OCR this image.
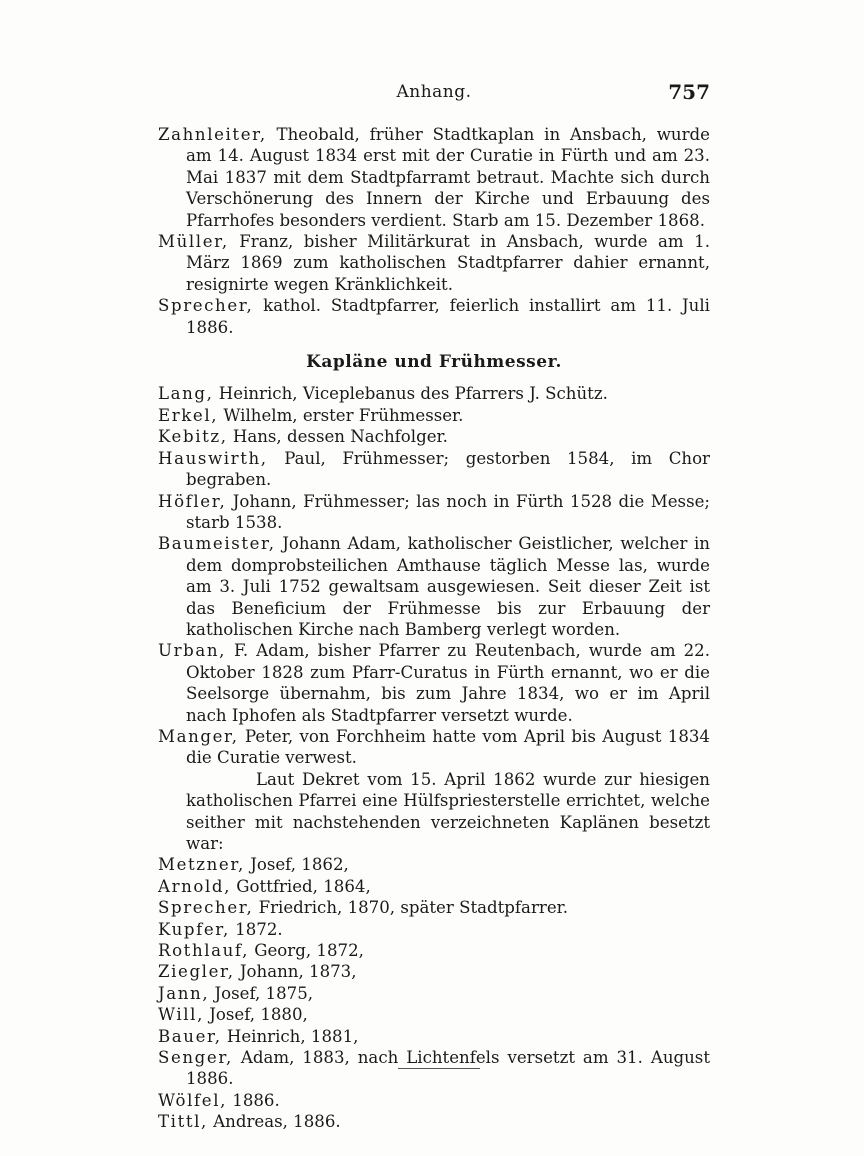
Anhang.	757
Zahnleiter, Theobald, früher Stadtkaplan in Ansbach, wurde am 14. August 1834 erst mit der Curatie in Fürth und am 23. Mai 1837 mit dem Stadtpfarramt betraut. Machte sich durch Verschönerung des Innern der Kirche und Erbauung des Pfarrhofes besonders verdient. Starb am 15. Dezember 1868.
Müller, Franz, bisher Militärkurat in Ansbach, wurde am 1. März 1869 zum katholischen Stadtpfarrer dahier ernannt, resignirte wegen Kränklichkeit.
Sprecher, kathol. Stadtpfarrer, feierlich installirt am 11. Juli 1886.
Kapläne und Frühmesser.
Lang, Heinrich, Viceplebanus des Pfarrers J. Schütz.
Erkel, Wilhelm, erster Frühmesser.
Kebitz, Hans, dessen Nachfolger.
Hauswirth, Paul, Frühmesser; gestorben 1584, im Chor begraben.
Höfler, Johann, Frühmesser; las noch in Fürth 1528 die Messe; starb 1538.
Baumeister, Johann Adam, katholischer Geistlicher, welcher in dem domprobsteilichen Amthause täglich Messe las, wurde am 3. Juli 1752 gewaltsam ausgewiesen. Seit dieser Zeit ist das Beneficium der Frühmesse bis zur Erbauung der katholischen Kirche nach Bamberg verlegt worden.
Urban, F. Adam, bisher Pfarrer zu Reutenbach, wurde am 22. Oktober 1828 zum Pfarr-Curatus in Fürth ernannt, wo er die Seelsorge übernahm, bis zum Jahre 1834, wo er im April nach Iphofen als Stadtpfarrer versetzt wurde.
Manger, Peter, von Forchheim hatte vom April bis August 1834 die Curatie verwest.
Laut Dekret vom 15. April 1862 wurde zur hiesigen katholischen Pfarrei eine Hülfspriesterstelle errichtet, welche seither mit nachstehenden verzeichneten Kaplänen besetzt war:
Metzner, Josef, 1862,
Arnold, Gottfried, 1864,
Sprecher, Friedrich, 1870, später Stadtpfarrer.
Kupfer, 1872.
Rothlauf, Georg, 1872,
Ziegler, Johann, 1873,
Jann, Josef, 1875,
Will, Josef, 1880,
Bauer, Heinrich, 1881,
Senger, Adam, 1883, nach Lichtenfels versetzt am 31. August 1886.
Wölfel, 1886.
Tittl, Andreas, 1886.
